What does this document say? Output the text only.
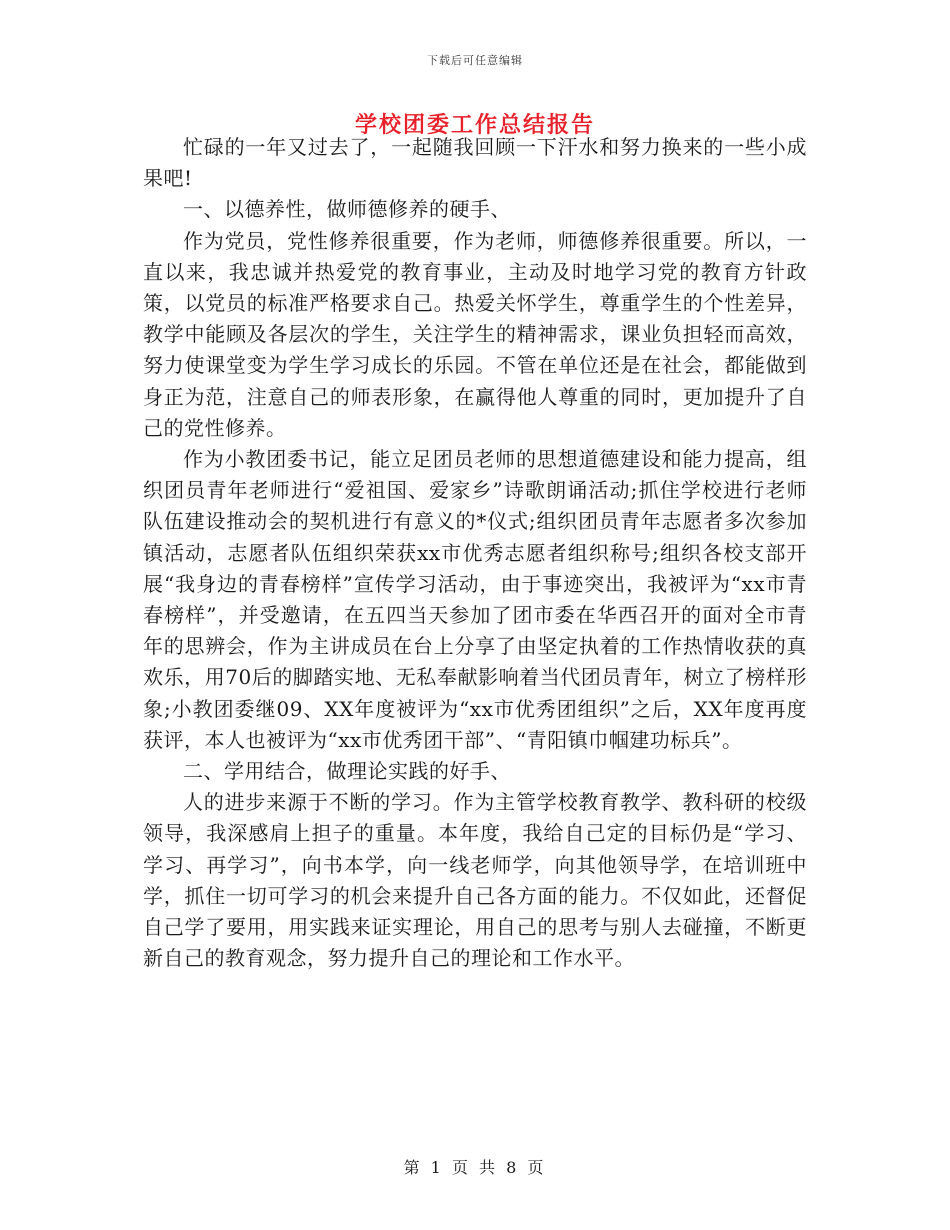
下载后可任意编辑
学校团委工作总结报告

忙碌的一年又过去了，一起随我回顾一下汗水和努力换来的一些小成果吧!

一、以德养性，做师德修养的硬手、

作为党员，党性修养很重要，作为老师，师德修养很重要。所以，一直以来，我忠诚并热爱党的教育事业，主动及时地学习党的教育方针政策，以党员的标准严格要求自己。热爱关怀学生，尊重学生的个性差异，教学中能顾及各层次的学生，关注学生的精神需求，课业负担轻而高效，努力使课堂变为学生学习成长的乐园。不管在单位还是在社会，都能做到身正为范，注意自己的师表形象，在赢得他人尊重的同时，更加提升了自己的党性修养。

作为小教团委书记，能立足团员老师的思想道德建设和能力提高，组织团员青年老师进行“爱祖国、爱家乡”诗歌朗诵活动;抓住学校进行老师队伍建设推动会的契机进行有意义的*仪式;组织团员青年志愿者多次参加镇活动，志愿者队伍组织荣获xx市优秀志愿者组织称号;组织各校支部开展“我身边的青春榜样”宣传学习活动，由于事迹突出，我被评为“xx市青春榜样”，并受邀请，在五四当天参加了团市委在华西召开的面对全市青年的思辨会，作为主讲成员在台上分享了由坚定执着的工作热情收获的真欢乐，用70后的脚踏实地、无私奉献影响着当代团员青年，树立了榜样形象;小教团委继09、XX年度被评为“xx市优秀团组织”之后，XX年度再度获评，本人也被评为“xx市优秀团干部”、“青阳镇巾帼建功标兵”。

二、学用结合，做理论实践的好手、

人的进步来源于不断的学习。作为主管学校教育教学、教科研的校级领导，我深感肩上担子的重量。本年度，我给自己定的目标仍是“学习、学习、再学习”，向书本学，向一线老师学，向其他领导学，在培训班中学，抓住一切可学习的机会来提升自己各方面的能力。不仅如此，还督促自己学了要用，用实践来证实理论，用自己的思考与别人去碰撞，不断更新自己的教育观念，努力提升自己的理论和工作水平。

第 1 页 共 8 页
